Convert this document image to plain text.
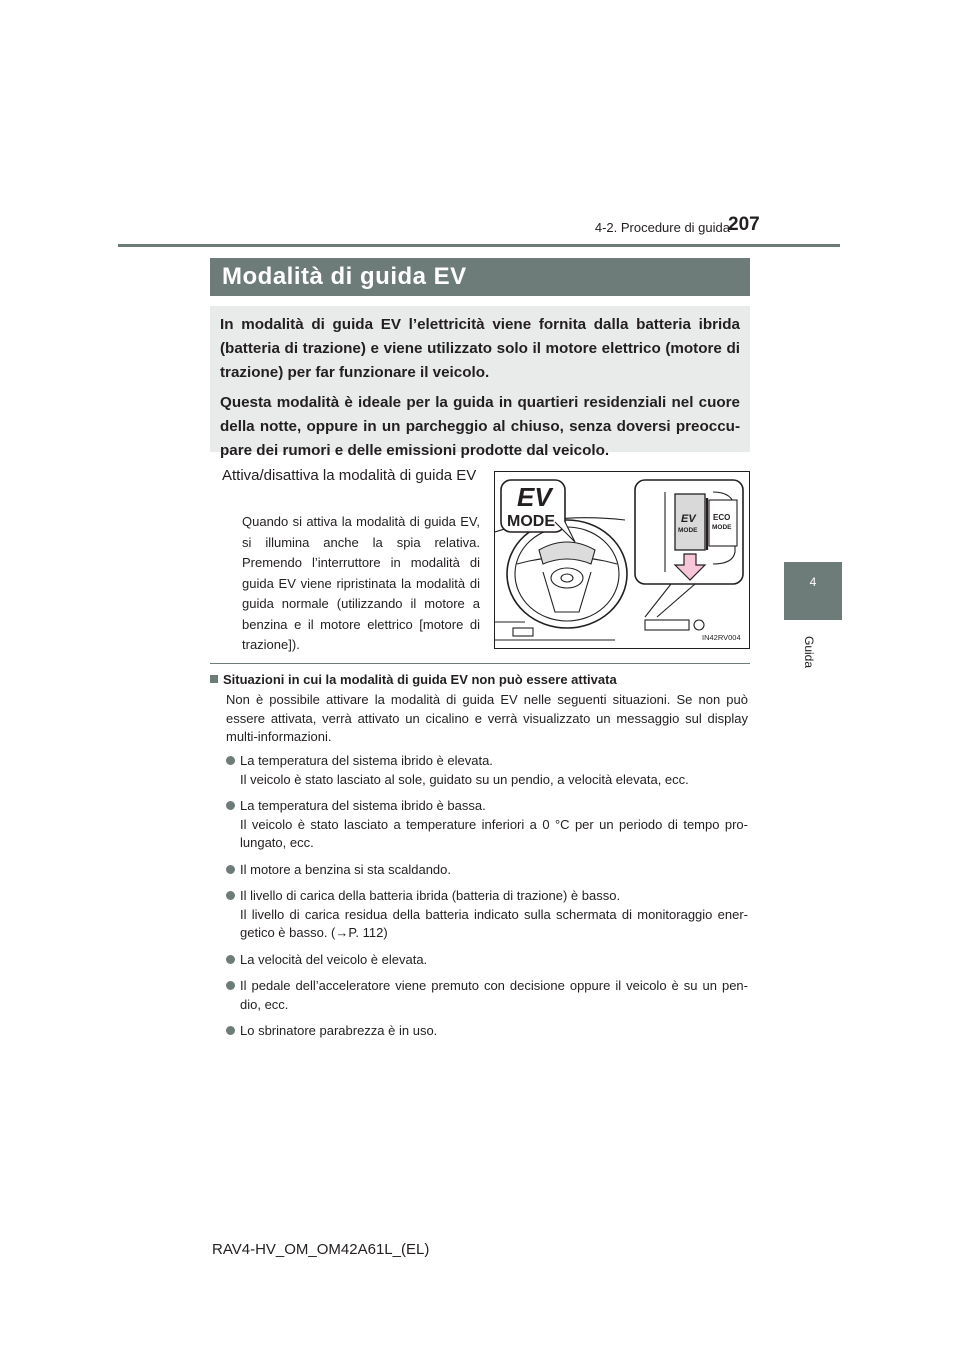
4-2. Procedure di guida
207
4
Guida
Modalità di guida EV

In modalità di guida EV l’elettricità viene fornita dalla batteria ibrida (batteria di trazione) e viene utilizzato solo il motore elettrico (motore di trazione) per far funzionare il veicolo.

Questa modalità è ideale per la guida in quartieri residenziali nel cuore della notte, oppure in un parcheggio al chiuso, senza doversi preoccu-pare dei rumori e delle emissioni prodotte dal veicolo.

Attiva/disattiva la modalità di guida EV
Quando si attiva la modalità di guida EV, si illumina anche la spia relativa. Premendo l’interruttore in modalità di guida EV viene ripristinata la modalità di guida normale (utilizzando il motore a benzina e il motore elettrico [motore di trazione]).
EV
MODE	EV
MODE
ECO
MODE
IN42RV004
Situazioni in cui la modalità di guida EV non può essere attivata
Non è possibile attivare la modalità di guida EV nelle seguenti situazioni. Se non può essere attivata, verrà attivato un cicalino e verrà visualizzato un messaggio sul display multi-informazioni.
La temperatura del sistema ibrido è elevata.
Il veicolo è stato lasciato al sole, guidato su un pendio, a velocità elevata, ecc.
La temperatura del sistema ibrido è bassa.
Il veicolo è stato lasciato a temperature inferiori a 0 °C per un periodo di tempo pro-lungato, ecc.
Il motore a benzina si sta scaldando.
Il livello di carica della batteria ibrida (batteria di trazione) è basso.
Il livello di carica residua della batteria indicato sulla schermata di monitoraggio ener-getico è basso. (→P. 112)
La velocità del veicolo è elevata.
Il pedale dell’acceleratore viene premuto con decisione oppure il veicolo è su un pen-dio, ecc.
Lo sbrinatore parabrezza è in uso.
RAV4-HV_OM_OM42A61L_(EL)
